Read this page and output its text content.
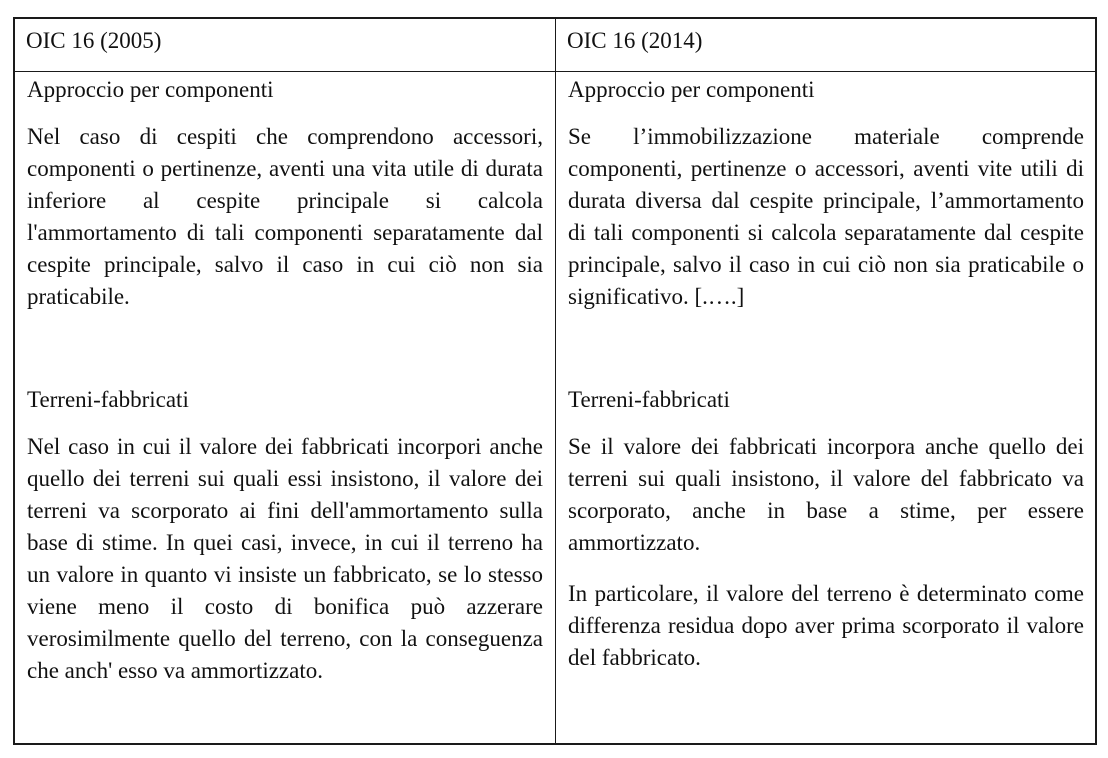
OIC 16 (2005)	OIC 16 (2014)

Approccio per componenti

Nel caso di cespiti che comprendono accessori, componenti o pertinenze, aventi una vita utile di durata inferiore al cespite principale si calcola l'ammortamento di tali componenti separatamente dal cespite principale, salvo il caso in cui ciò non sia praticabile.

Terreni-fabbricati

Nel caso in cui il valore dei fabbricati incorpori anche quello dei terreni sui quali essi insistono, il valore dei terreni va scorporato ai fini dell'ammortamento sulla base di stime. In quei casi, invece, in cui il terreno ha un valore in quanto vi insiste un fabbricato, se lo stesso viene meno il costo di bonifica può azzerare verosimilmente quello del terreno, con la conseguenza che anch' esso va ammortizzato.

Approccio per componenti

Se l’immobilizzazione materiale comprende componenti, pertinenze o accessori, aventi vite utili di durata diversa dal cespite principale, l’ammortamento di tali componenti si calcola separatamente dal cespite principale, salvo il caso in cui ciò non sia praticabile o significativo. [.….]

Terreni-fabbricati

Se il valore dei fabbricati incorpora anche quello dei terreni sui quali insistono, il valore del fabbricato va scorporato, anche in base a stime, per essere ammortizzato.

In particolare, il valore del terreno è determinato come differenza residua dopo aver prima scorporato il valore del fabbricato.
